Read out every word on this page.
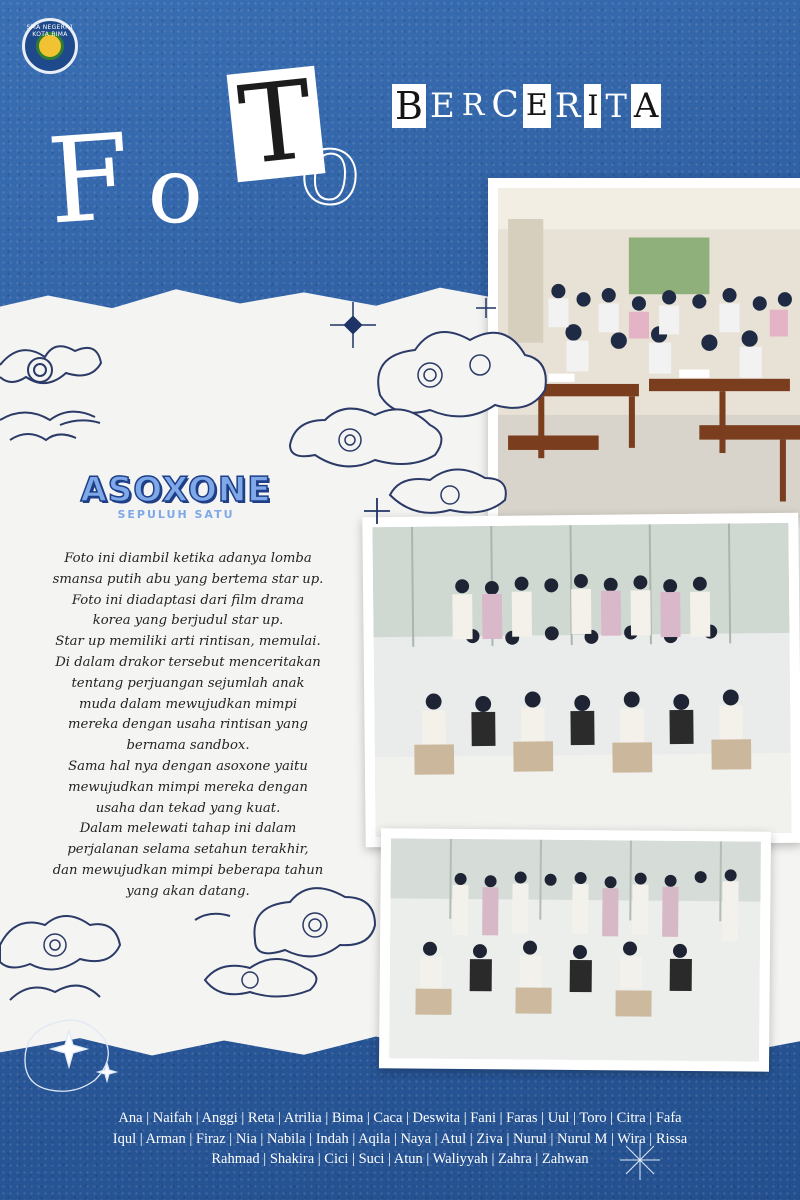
SMA NEGERI 1 KOTA BIMA
F o
T
o
B E R C E R I T A
ASOXONE
SEPULUH SATU

Foto ini diambil ketika adanya lomba

smansa putih abu yang bertema star up.

Foto ini diadaptasi dari film drama

korea yang berjudul star up.

Star up memiliki arti rintisan, memulai.

Di dalam drakor tersebut menceritakan

tentang perjuangan sejumlah anak

muda dalam mewujudkan mimpi

mereka dengan usaha rintisan yang

bernama sandbox.

Sama hal nya dengan asoxone yaitu

mewujudkan mimpi mereka dengan

usaha dan tekad yang kuat.

Dalam melewati tahap ini dalam

perjalanan selama setahun terakhir,

dan mewujudkan mimpi beberapa tahun

yang akan datang.

Ana | Naifah | Anggi | Reta | Atrilia | Bima | Caca | Deswita | Fani | Faras | Uul | Toro | Citra | Fafa

Iqul | Arman | Firaz | Nia | Nabila | Indah | Aqila | Naya | Atul | Ziva | Nurul | Nurul M | Wira | Rissa

Rahmad | Shakira | Cici | Suci | Atun | Waliyyah | Zahra | Zahwan
